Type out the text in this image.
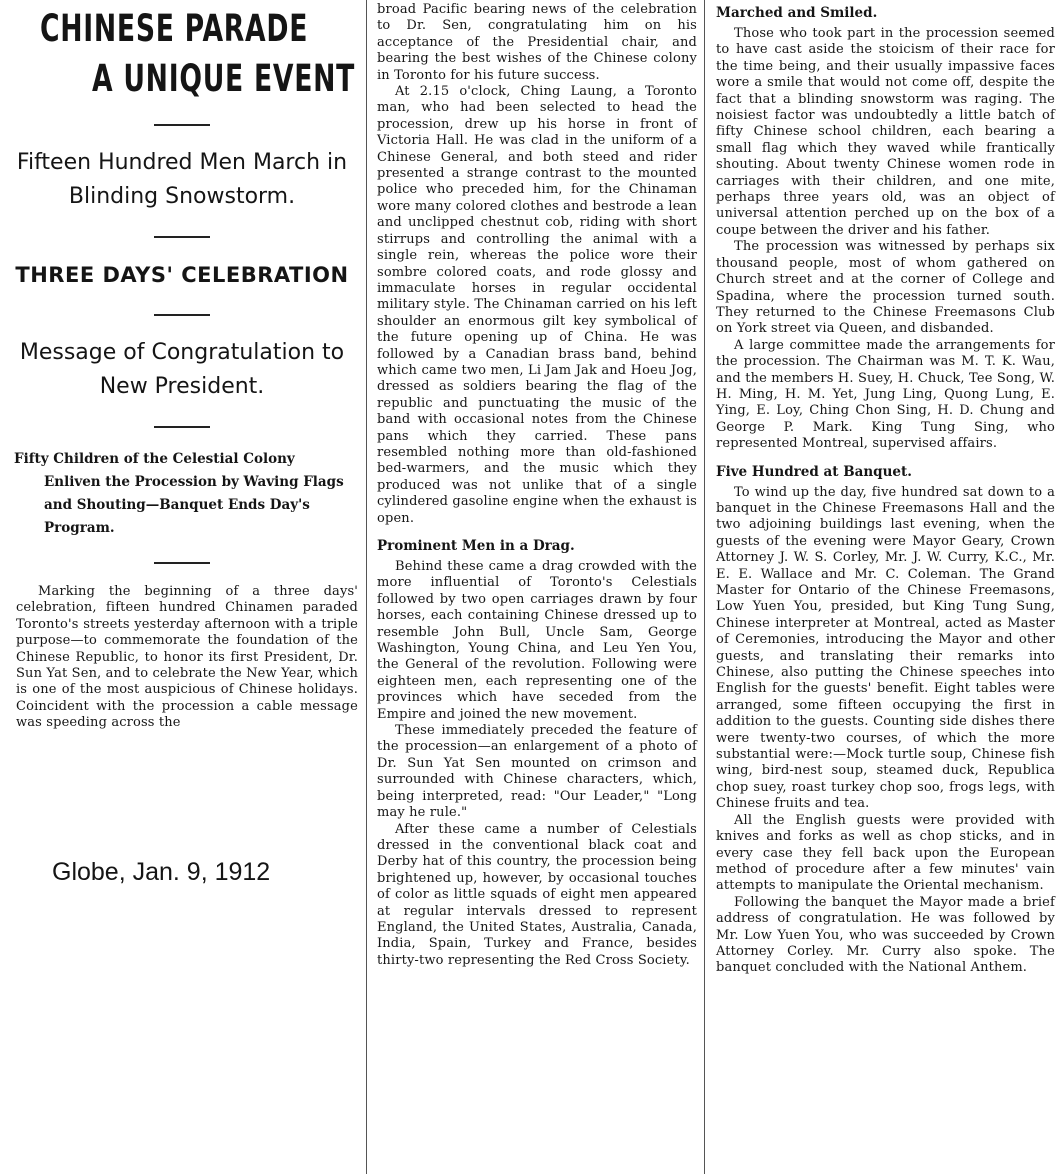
CHINESE PARADE
A UNIQUE EVENT
Fifteen Hundred Men March in Blinding Snowstorm.
THREE DAYS' CELEBRATION
Message of Congratulation to New President.
Fifty Children of the Celestial Colony Enliven the Procession by Waving Flags and Shouting—Banquet Ends Day's Program.

Marking the beginning of a three days' celebration, fifteen hundred Chinamen paraded Toronto's streets yesterday afternoon with a triple purpose—to commemorate the foundation of the Chinese Republic, to honor its first President, Dr. Sun Yat Sen, and to celebrate the New Year, which is one of the most auspicious of Chinese holidays. Coincident with the procession a cable message was speeding across the

Globe, Jan. 9, 1912

broad Pacific bearing news of the celebration to Dr. Sen, congratulating him on his acceptance of the Presidential chair, and bearing the best wishes of the Chinese colony in Toronto for his future success.

At 2.15 o'clock, Ching Laung, a Toronto man, who had been selected to head the procession, drew up his horse in front of Victoria Hall. He was clad in the uniform of a Chinese General, and both steed and rider presented a strange contrast to the mounted police who preceded him, for the Chinaman wore many colored clothes and bestrode a lean and unclipped chestnut cob, riding with short stirrups and controlling the animal with a single rein, whereas the police wore their sombre colored coats, and rode glossy and immaculate horses in regular occidental military style. The Chinaman carried on his left shoulder an enormous gilt key symbolical of the future opening up of China. He was followed by a Canadian brass band, behind which came two men, Li Jam Jak and Hoeu Jog, dressed as soldiers bearing the flag of the republic and punctuating the music of the band with occasional notes from the Chinese pans which they carried. These pans resembled nothing more than old-fashioned bed-warmers, and the music which they produced was not unlike that of a single cylindered gasoline engine when the exhaust is open.

Prominent Men in a Drag.

Behind these came a drag crowded with the more influential of Toronto's Celestials followed by two open carriages drawn by four horses, each containing Chinese dressed up to resemble John Bull, Uncle Sam, George Washington, Young China, and Leu Yen You, the General of the revolution. Following were eighteen men, each representing one of the provinces which have seceded from the Empire and joined the new movement.

These immediately preceded the feature of the procession—an enlargement of a photo of Dr. Sun Yat Sen mounted on crimson and surrounded with Chinese characters, which, being interpreted, read: "Our Leader," "Long may he rule."

After these came a number of Celestials dressed in the conventional black coat and Derby hat of this country, the procession being brightened up, however, by occasional touches of color as little squads of eight men appeared at regular intervals dressed to represent England, the United States, Australia, Canada, India, Spain, Turkey and France, besides thirty-two representing the Red Cross Society.

Marched and Smiled.

Those who took part in the procession seemed to have cast aside the stoicism of their race for the time being, and their usually impassive faces wore a smile that would not come off, despite the fact that a blinding snowstorm was raging. The noisiest factor was undoubtedly a little batch of fifty Chinese school children, each bearing a small flag which they waved while frantically shouting. About twenty Chinese women rode in carriages with their children, and one mite, perhaps three years old, was an object of universal attention perched up on the box of a coupe between the driver and his father.

The procession was witnessed by perhaps six thousand people, most of whom gathered on Church street and at the corner of College and Spadina, where the procession turned south. They returned to the Chinese Freemasons Club on York street via Queen, and disbanded.

A large committee made the arrangements for the procession. The Chairman was M. T. K. Wau, and the members H. Suey, H. Chuck, Tee Song, W. H. Ming, H. M. Yet, Jung Ling, Quong Lung, E. Ying, E. Loy, Ching Chon Sing, H. D. Chung and George P. Mark. King Tung Sing, who represented Montreal, supervised affairs.

Five Hundred at Banquet.

To wind up the day, five hundred sat down to a banquet in the Chinese Freemasons Hall and the two adjoining buildings last evening, when the guests of the evening were Mayor Geary, Crown Attorney J. W. S. Corley, Mr. J. W. Curry, K.C., Mr. E. E. Wallace and Mr. C. Coleman. The Grand Master for Ontario of the Chinese Freemasons, Low Yuen You, presided, but King Tung Sung, Chinese interpreter at Montreal, acted as Master of Ceremonies, introducing the Mayor and other guests, and translating their remarks into Chinese, also putting the Chinese speeches into English for the guests' benefit. Eight tables were arranged, some fifteen occupying the first in addition to the guests. Counting side dishes there were twenty-two courses, of which the more substantial were:—Mock turtle soup, Chinese fish wing, bird-nest soup, steamed duck, Republica chop suey, roast turkey chop soo, frogs legs, with Chinese fruits and tea.

All the English guests were provided with knives and forks as well as chop sticks, and in every case they fell back upon the European method of procedure after a few minutes' vain attempts to manipulate the Oriental mechanism.

Following the banquet the Mayor made a brief address of congratulation. He was followed by Mr. Low Yuen You, who was succeeded by Crown Attorney Corley. Mr. Curry also spoke. The banquet concluded with the National Anthem.
